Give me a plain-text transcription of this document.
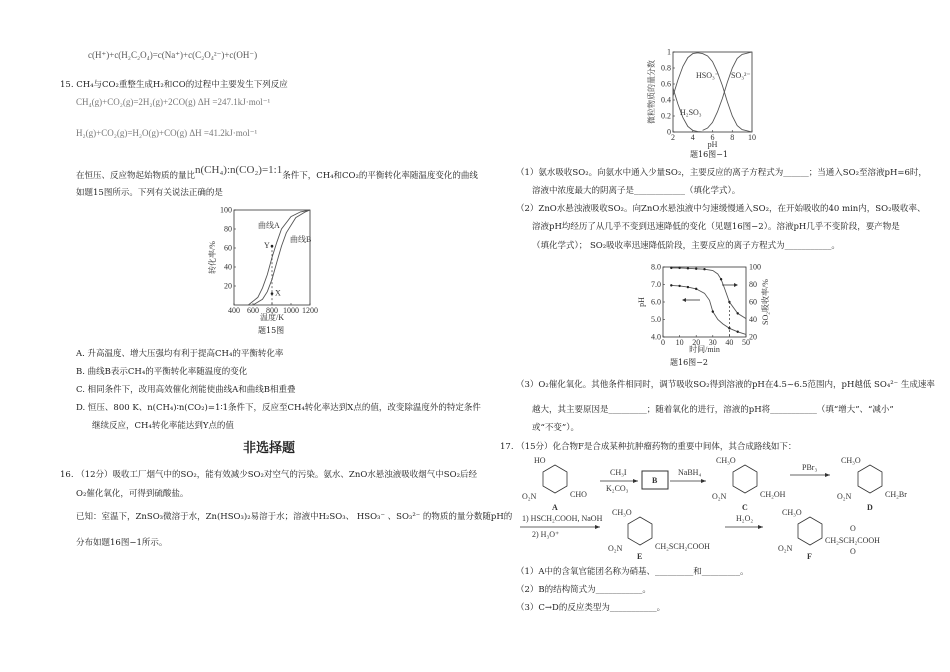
c(H⁺)+c(H₂C₂O₄)=c(Na⁺)+c(C₂O₄²⁻)+c(OH⁻)
15. CH₄与CO₂重整生成H₂和CO的过程中主要发生下列反应
CH₄(g)+CO₂(g)=2H₂(g)+2CO(g) ΔH =247.1kJ·mol⁻¹
H₂(g)+CO₂(g)=H₂O(g)+CO(g) ΔH =41.2kJ·mol⁻¹
在恒压、反应物起始物质的量比n(CH₄):n(CO₂)=1:1条件下，CH₄和CO₂的平衡转化率随温度变化的曲线
如题15图所示。下列有关说法正确的是
400 600 800 1000 1200
20
40
60
80
100
温度/K
转化率/%
曲线A
曲线B
X
Y
题15图
A. 升高温度、增大压强均有利于提高CH₄的平衡转化率
B. 曲线B表示CH₄的平衡转化率随温度的变化
C. 相同条件下，改用高效催化剂能使曲线A和曲线B相重叠
D. 恒压、800 K、n(CH₄)∶n(CO₂)=1∶1条件下，反应至CH₄转化率达到X点的值，改变除温度外的特定条件
继续反应，CH₄转化率能达到Y点的值
非选择题
16. （12分）吸收工厂烟气中的SO₂，能有效减少SO₂对空气的污染。氨水、ZnO水悬浊液吸收烟气中SO₂后经
O₂催化氧化，可得到硫酸盐。
已知：室温下，ZnSO₃微溶于水，Zn(HSO₃)₂易溶于水；溶液中H₂SO₃、 HSO₃⁻ 、SO₃²⁻ 的物质的量分数随pH的
分布如题16图−1所示。
2 4 6 8 10
0
0.2
0.4
0.6
0.8
1
pH
微粒物质的量分数	H₂SO₃
HSO₃⁻ SO₃²⁻
题16图−1
（1）氨水吸收SO₂。向氨水中通入少量SO₂，主要反应的离子方程式为______；当通入SO₂至溶液pH=6时，
溶液中浓度最大的阴离子是____________（填化学式）。
（2）ZnO水悬浊液吸收SO₂。向ZnO水悬浊液中匀速缓慢通入SO₂，在开始吸收的40 min内，SO₂吸收率、
溶液pH均经历了从几乎不变到迅速降低的变化（见题16图−2）。溶液pH几乎不变阶段，要产物是
（填化学式）； SO₂吸收率迅速降低阶段，主要反应的离子方程式为___________。
0 10 20 30 40 50
4.0
5.0
6.0
7.0
8.0
20
40
60
80
100
时间/min
pH	SO₂吸收率/%
题16图−2
（3）O₂催化氧化。其他条件相同时，调节吸收SO₂得到溶液的pH在4.5~6.5范围内，pH越低 SO₄²⁻ 生成速率
越大，其主要原因是_________；随着氧化的进行，溶液的pH将___________（填“增大”、“减小”
或“不变”）。
17. （15分）化合物F是合成某种抗肿瘤药物的重要中间体，其合成路线如下：
HO
O₂N	CHO
A
CH₃I
K₂CO₃
B
NaBH₄
CH₃O
O₂N	CH₂OH
C
PBr₃
CH₃O
O₂N	CH₂Br
D
1) HSCH₂COOH, NaOH
2) H₃O⁺
CH₃O
O₂N	CH₂SCH₂COOH
E
H₂O₂
CH₃O
O₂N
CH₂SCH₂COOH
O
O
F
（1）A中的含氧官能团名称为硝基、_________和_________。
（2）B的结构简式为___________。
（3）C→D的反应类型为___________。
